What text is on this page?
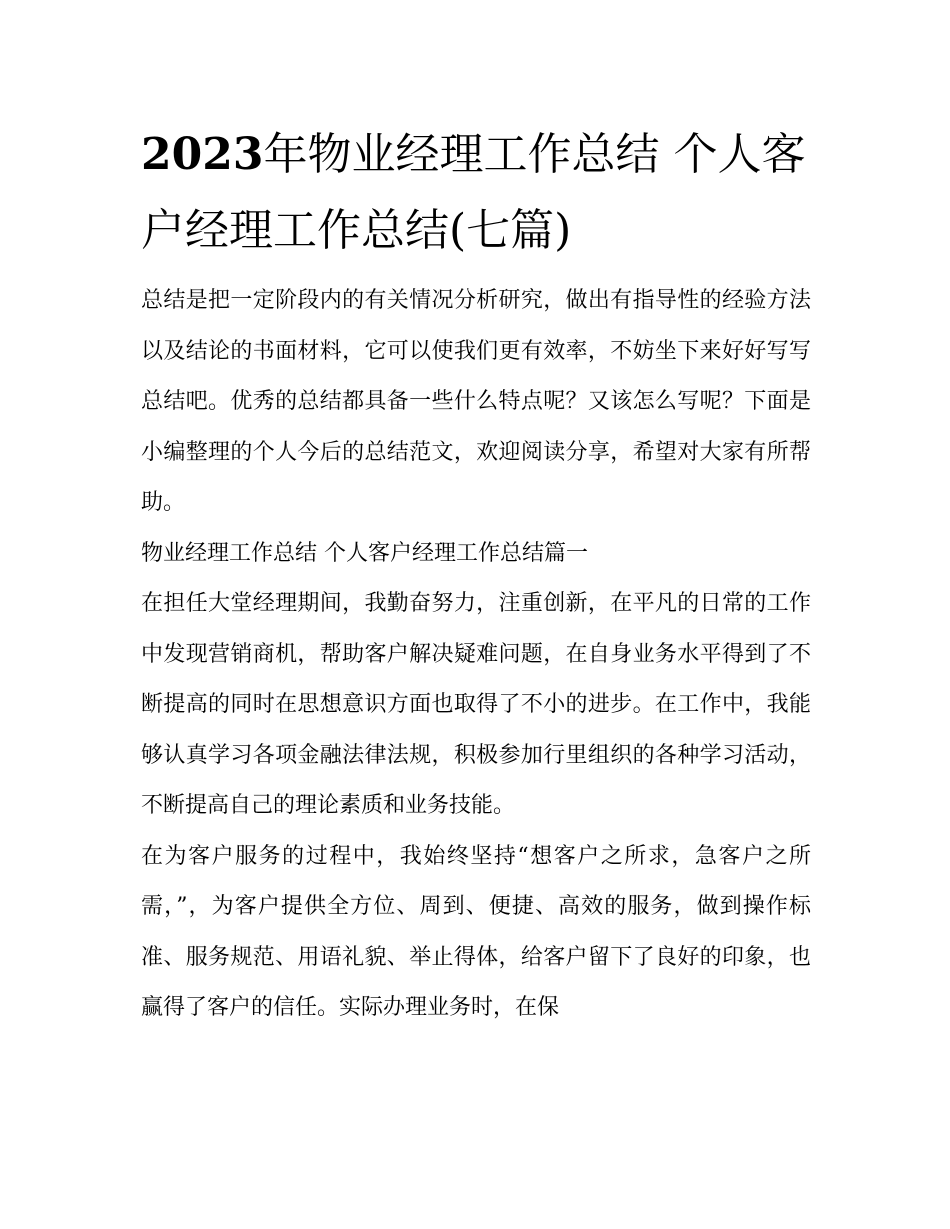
2023年物业经理工作总结 个人客户经理工作总结(七篇)

总结是把一定阶段内的有关情况分析研究，做出有指导性的经验方法以及结论的书面材料，它可以使我们更有效率，不妨坐下来好好写写总结吧。优秀的总结都具备一些什么特点呢？又该怎么写呢？下面是小编整理的个人今后的总结范文，欢迎阅读分享，希望对大家有所帮助。

物业经理工作总结 个人客户经理工作总结篇一

在担任大堂经理期间，我勤奋努力，注重创新，在平凡的日常的工作中发现营销商机，帮助客户解决疑难问题，在自身业务水平得到了不断提高的同时在思想意识方面也取得了不小的进步。在工作中，我能够认真学习各项金融法律法规，积极参加行里组织的各种学习活动，不断提高自己的理论素质和业务技能。

在为客户服务的过程中，我始终坚持“想客户之所求，急客户之所需，”，为客户提供全方位、周到、便捷、高效的服务，做到操作标准、服务规范、用语礼貌、举止得体，给客户留下了良好的印象，也赢得了客户的信任。实际办理业务时，在保
